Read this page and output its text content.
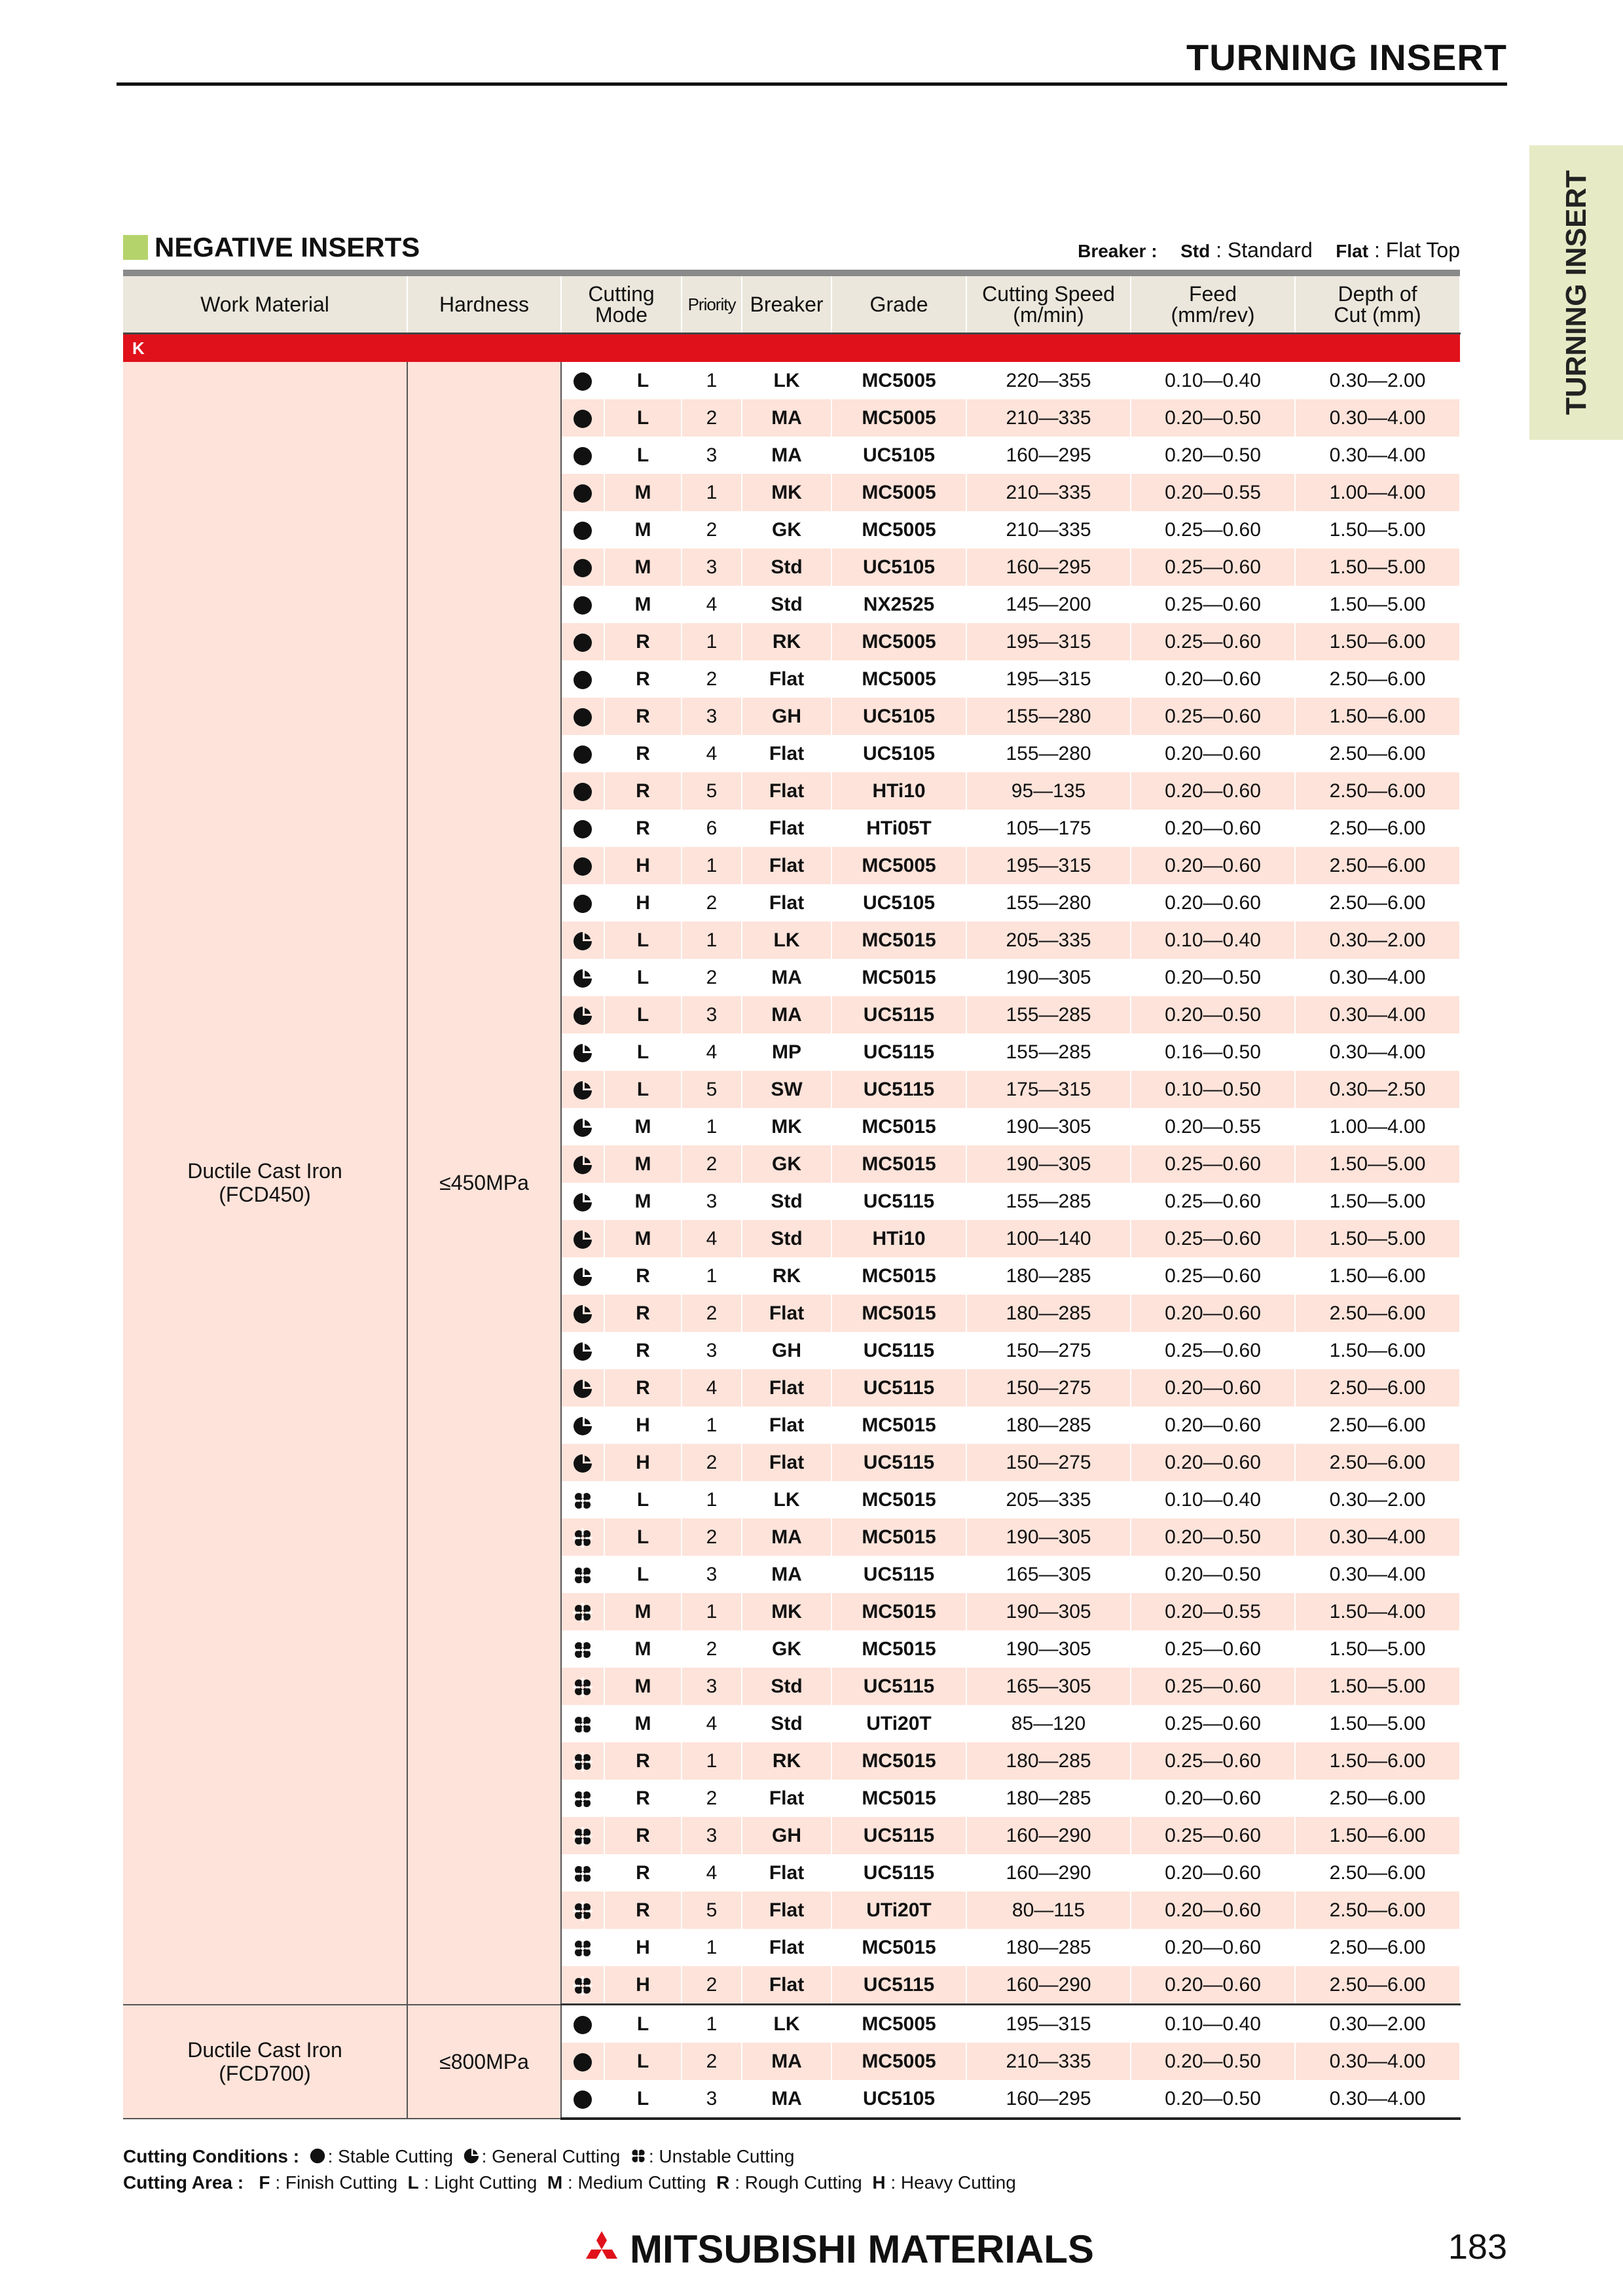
TURNING INSERT
TURNING INSERT
NEGATIVE INSERTS	Breaker : Std : Standard Flat : Flat Top
Work Material	Hardness	Cutting Mode		Priority	Breaker	Grade	Cutting Speed (m/min)	Feed (mm/rev)	Depth of Cut (mm)
K									

Ductile Cast Iron
(FCD450)	≤450MPa		L	1	LK	MC5005	220—355	0.10—0.40	0.30—2.00
	L	2	MA	MC5005	210—335	0.20—0.50	0.30—4.00
	L	3	MA	UC5105	160—295	0.20—0.50	0.30—4.00
	M	1	MK	MC5005	210—335	0.20—0.55	1.00—4.00
	M	2	GK	MC5005	210—335	0.25—0.60	1.50—5.00
	M	3	Std	UC5105	160—295	0.25—0.60	1.50—5.00
	M	4	Std	NX2525	145—200	0.25—0.60	1.50—5.00
	R	1	RK	MC5005	195—315	0.25—0.60	1.50—6.00
	R	2	Flat	MC5005	195—315	0.20—0.60	2.50—6.00
	R	3	GH	UC5105	155—280	0.25—0.60	1.50—6.00
	R	4	Flat	UC5105	155—280	0.20—0.60	2.50—6.00
	R	5	Flat	HTi10	95—135	0.20—0.60	2.50—6.00
	R	6	Flat	HTi05T	105—175	0.20—0.60	2.50—6.00
	H	1	Flat	MC5005	195—315	0.20—0.60	2.50—6.00
	H	2	Flat	UC5105	155—280	0.20—0.60	2.50—6.00
	L	1	LK	MC5015	205—335	0.10—0.40	0.30—2.00
	L	2	MA	MC5015	190—305	0.20—0.50	0.30—4.00
	L	3	MA	UC5115	155—285	0.20—0.50	0.30—4.00
	L	4	MP	UC5115	155—285	0.16—0.50	0.30—4.00
	L	5	SW	UC5115	175—315	0.10—0.50	0.30—2.50
	M	1	MK	MC5015	190—305	0.20—0.55	1.00—4.00
	M	2	GK	MC5015	190—305	0.25—0.60	1.50—5.00
	M	3	Std	UC5115	155—285	0.25—0.60	1.50—5.00
	M	4	Std	HTi10	100—140	0.25—0.60	1.50—5.00
	R	1	RK	MC5015	180—285	0.25—0.60	1.50—6.00
	R	2	Flat	MC5015	180—285	0.20—0.60	2.50—6.00
	R	3	GH	UC5115	150—275	0.25—0.60	1.50—6.00
	R	4	Flat	UC5115	150—275	0.20—0.60	2.50—6.00
	H	1	Flat	MC5015	180—285	0.20—0.60	2.50—6.00
	H	2	Flat	UC5115	150—275	0.20—0.60	2.50—6.00
	L	1	LK	MC5015	205—335	0.10—0.40	0.30—2.00
	L	2	MA	MC5015	190—305	0.20—0.50	0.30—4.00
	L	3	MA	UC5115	165—305	0.20—0.50	0.30—4.00
	M	1	MK	MC5015	190—305	0.20—0.55	1.50—4.00
	M	2	GK	MC5015	190—305	0.25—0.60	1.50—5.00
	M	3	Std	UC5115	165—305	0.25—0.60	1.50—5.00
	M	4	Std	UTi20T	85—120	0.25—0.60	1.50—5.00
	R	1	RK	MC5015	180—285	0.25—0.60	1.50—6.00
	R	2	Flat	MC5015	180—285	0.20—0.60	2.50—6.00
	R	3	GH	UC5115	160—290	0.25—0.60	1.50—6.00
	R	4	Flat	UC5115	160—290	0.20—0.60	2.50—6.00
	R	5	Flat	UTi20T	80—115	0.20—0.60	2.50—6.00
	H	1	Flat	MC5015	180—285	0.20—0.60	2.50—6.00
	H	2	Flat	UC5115	160—290	0.20—0.60	2.50—6.00

Ductile Cast Iron
(FCD700)	≤800MPa		L	1	LK	MC5005	195—315	0.10—0.40	0.30—2.00
	L	2	MA	MC5005	210—335	0.20—0.50	0.30—4.00
	L	3	MA	UC5105	160—295	0.20—0.50	0.30—4.00
Cutting Conditions : : Stable Cutting : General Cutting : Unstable Cutting
Cutting Area : F : Finish Cutting L : Light Cutting M : Medium Cutting R : Rough Cutting H : Heavy Cutting
MITSUBISHI MATERIALS	183
